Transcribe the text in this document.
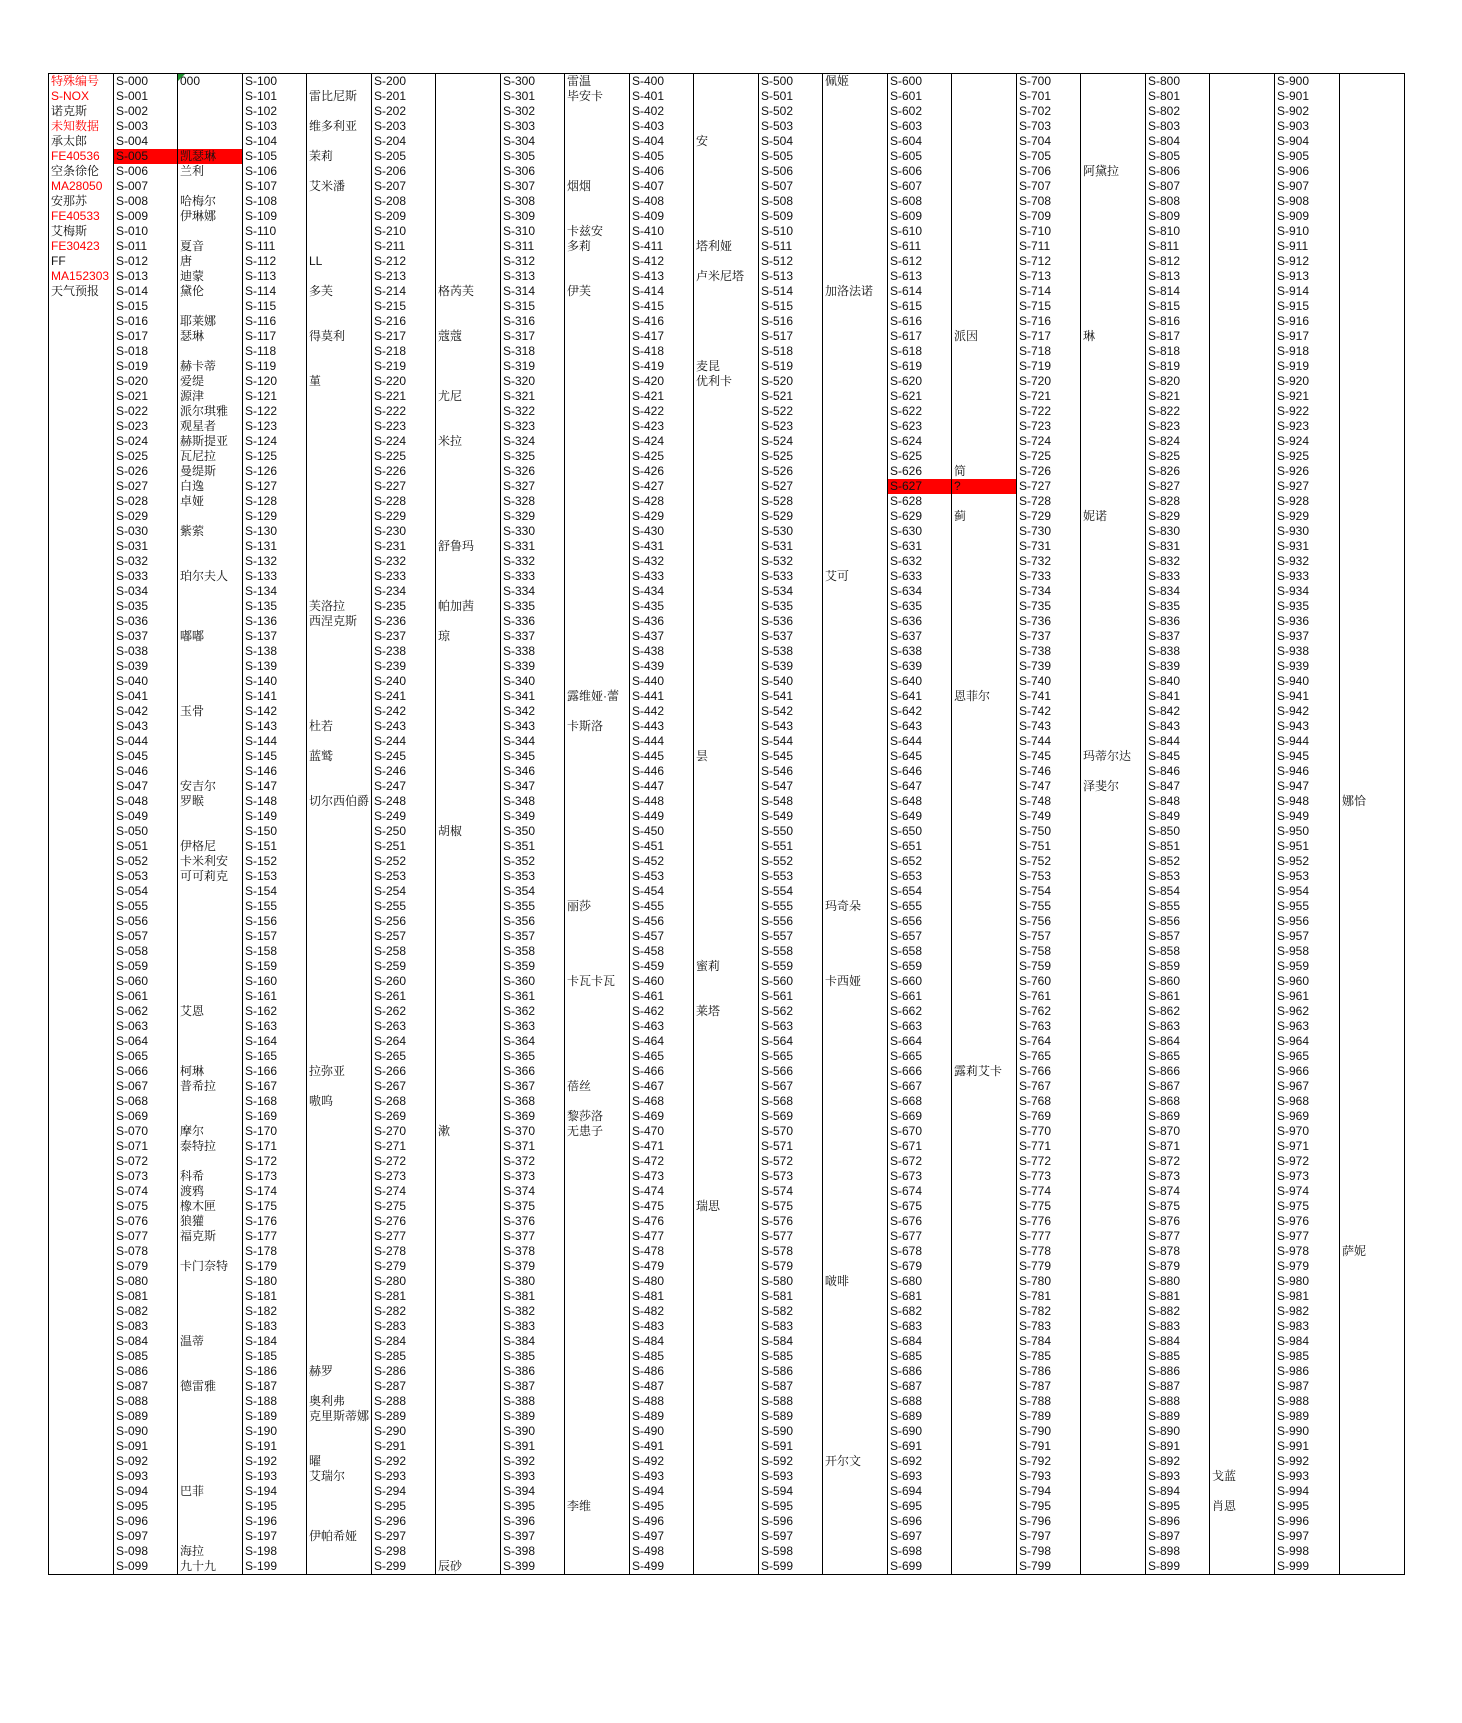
特殊编号	S-000	000	S-100		S-200		S-300	雷温	S-400		S-500	佩姬	S-600		S-700		S-800		S-900	
S-NOX	S-001		S-101	雷比尼斯	S-201		S-301	毕安卡	S-401		S-501		S-601		S-701		S-801		S-901	
诺克斯	S-002		S-102		S-202		S-302		S-402		S-502		S-602		S-702		S-802		S-902	
未知数据	S-003		S-103	维多利亚	S-203		S-303		S-403		S-503		S-603		S-703		S-803		S-903	
承太郎	S-004		S-104		S-204		S-304		S-404	安	S-504		S-604		S-704		S-804		S-904	
FE40536	S-005	凯瑟琳	S-105	茉莉	S-205		S-305		S-405		S-505		S-605		S-705		S-805		S-905	
空条徐伦	S-006	兰利	S-106		S-206		S-306		S-406		S-506		S-606		S-706	阿黛拉	S-806		S-906	
MA28050	S-007		S-107	艾米潘	S-207		S-307	烟烟	S-407		S-507		S-607		S-707		S-807		S-907	
安那苏	S-008	哈梅尔	S-108		S-208		S-308		S-408		S-508		S-608		S-708		S-808		S-908	
FE40533	S-009	伊琳娜	S-109		S-209		S-309		S-409		S-509		S-609		S-709		S-809		S-909	
艾梅斯	S-010		S-110		S-210		S-310	卡兹安	S-410		S-510		S-610		S-710		S-810		S-910	
FE30423	S-011	夏音	S-111		S-211		S-311	多莉	S-411	塔利娅	S-511		S-611		S-711		S-811		S-911	
FF	S-012	唐	S-112	LL	S-212		S-312		S-412		S-512		S-612		S-712		S-812		S-912	
MA152303	S-013	迪蒙	S-113		S-213		S-313		S-413	卢米尼塔	S-513		S-613		S-713		S-813		S-913	
天气预报	S-014	黛伦	S-114	多芙	S-214	格芮芙	S-314	伊芙	S-414		S-514	加洛法诺	S-614		S-714		S-814		S-914	
	S-015		S-115		S-215		S-315		S-415		S-515		S-615		S-715		S-815		S-915	
	S-016	耶莱娜	S-116		S-216		S-316		S-416		S-516		S-616		S-716		S-816		S-916	
	S-017	瑟琳	S-117	得莫利	S-217	蔻蔻	S-317		S-417		S-517		S-617	派因	S-717	琳	S-817		S-917	
	S-018		S-118		S-218		S-318		S-418		S-518		S-618		S-718		S-818		S-918	
	S-019	赫卡蒂	S-119		S-219		S-319		S-419	麦昆	S-519		S-619		S-719		S-819		S-919	
	S-020	爱缇	S-120	堇	S-220		S-320		S-420	优利卡	S-520		S-620		S-720		S-820		S-920	
	S-021	源津	S-121		S-221	尤尼	S-321		S-421		S-521		S-621		S-721		S-821		S-921	
	S-022	派尔琪雅	S-122		S-222		S-322		S-422		S-522		S-622		S-722		S-822		S-922	
	S-023	观星者	S-123		S-223		S-323		S-423		S-523		S-623		S-723		S-823		S-923	
	S-024	赫斯提亚	S-124		S-224	米拉	S-324		S-424		S-524		S-624		S-724		S-824		S-924	
	S-025	瓦尼拉	S-125		S-225		S-325		S-425		S-525		S-625		S-725		S-825		S-925	
	S-026	曼缇斯	S-126		S-226		S-326		S-426		S-526		S-626	简	S-726		S-826		S-926	
	S-027	白逸	S-127		S-227		S-327		S-427		S-527		S-627	?	S-727		S-827		S-927	
	S-028	卓娅	S-128		S-228		S-328		S-428		S-528		S-628		S-728		S-828		S-928	
	S-029		S-129		S-229		S-329		S-429		S-529		S-629	蓟	S-729	妮诺	S-829		S-929	
	S-030	紫萦	S-130		S-230		S-330		S-430		S-530		S-630		S-730		S-830		S-930	
	S-031		S-131		S-231	舒鲁玛	S-331		S-431		S-531		S-631		S-731		S-831		S-931	
	S-032		S-132		S-232		S-332		S-432		S-532		S-632		S-732		S-832		S-932	
	S-033	珀尔夫人	S-133		S-233		S-333		S-433		S-533	艾可	S-633		S-733		S-833		S-933	
	S-034		S-134		S-234		S-334		S-434		S-534		S-634		S-734		S-834		S-934	
	S-035		S-135	芙洛拉	S-235	帕加茜	S-335		S-435		S-535		S-635		S-735		S-835		S-935	
	S-036		S-136	西涅克斯	S-236		S-336		S-436		S-536		S-636		S-736		S-836		S-936	
	S-037	嘟嘟	S-137		S-237	琼	S-337		S-437		S-537		S-637		S-737		S-837		S-937	
	S-038		S-138		S-238		S-338		S-438		S-538		S-638		S-738		S-838		S-938	
	S-039		S-139		S-239		S-339		S-439		S-539		S-639		S-739		S-839		S-939	
	S-040		S-140		S-240		S-340		S-440		S-540		S-640		S-740		S-840		S-940	
	S-041		S-141		S-241		S-341	露维娅·蕾	S-441		S-541		S-641	恩菲尔	S-741		S-841		S-941	
	S-042	玉骨	S-142		S-242		S-342		S-442		S-542		S-642		S-742		S-842		S-942	
	S-043		S-143	杜若	S-243		S-343	卡斯洛	S-443		S-543		S-643		S-743		S-843		S-943	
	S-044		S-144		S-244		S-344		S-444		S-544		S-644		S-744		S-844		S-944	
	S-045		S-145	蓝鹫	S-245		S-345		S-445	昙	S-545		S-645		S-745	玛蒂尔达	S-845		S-945	
	S-046		S-146		S-246		S-346		S-446		S-546		S-646		S-746		S-846		S-946	
	S-047	安吉尔	S-147		S-247		S-347		S-447		S-547		S-647		S-747	泽斐尔	S-847		S-947	
	S-048	罗睺	S-148	切尔西伯爵	S-248		S-348		S-448		S-548		S-648		S-748		S-848		S-948	娜恰
	S-049		S-149		S-249		S-349		S-449		S-549		S-649		S-749		S-849		S-949	
	S-050		S-150		S-250	胡椒	S-350		S-450		S-550		S-650		S-750		S-850		S-950	
	S-051	伊格尼	S-151		S-251		S-351		S-451		S-551		S-651		S-751		S-851		S-951	
	S-052	卡米利安	S-152		S-252		S-352		S-452		S-552		S-652		S-752		S-852		S-952	
	S-053	可可莉克	S-153		S-253		S-353		S-453		S-553		S-653		S-753		S-853		S-953	
	S-054		S-154		S-254		S-354		S-454		S-554		S-654		S-754		S-854		S-954	
	S-055		S-155		S-255		S-355	丽莎	S-455		S-555	玛奇朵	S-655		S-755		S-855		S-955	
	S-056		S-156		S-256		S-356		S-456		S-556		S-656		S-756		S-856		S-956	
	S-057		S-157		S-257		S-357		S-457		S-557		S-657		S-757		S-857		S-957	
	S-058		S-158		S-258		S-358		S-458		S-558		S-658		S-758		S-858		S-958	
	S-059		S-159		S-259		S-359		S-459	蜜莉	S-559		S-659		S-759		S-859		S-959	
	S-060		S-160		S-260		S-360	卡瓦卡瓦	S-460		S-560	卡西娅	S-660		S-760		S-860		S-960	
	S-061		S-161		S-261		S-361		S-461		S-561		S-661		S-761		S-861		S-961	
	S-062	艾恩	S-162		S-262		S-362		S-462	莱塔	S-562		S-662		S-762		S-862		S-962	
	S-063		S-163		S-263		S-363		S-463		S-563		S-663		S-763		S-863		S-963	
	S-064		S-164		S-264		S-364		S-464		S-564		S-664		S-764		S-864		S-964	
	S-065		S-165		S-265		S-365		S-465		S-565		S-665		S-765		S-865		S-965	
	S-066	柯琳	S-166	拉弥亚	S-266		S-366		S-466		S-566		S-666	露莉艾卡	S-766		S-866		S-966	
	S-067	普希拉	S-167		S-267		S-367	蓓丝	S-467		S-567		S-667		S-767		S-867		S-967	
	S-068		S-168	嗷呜	S-268		S-368		S-468		S-568		S-668		S-768		S-868		S-968	
	S-069		S-169		S-269		S-369	黎莎洛	S-469		S-569		S-669		S-769		S-869		S-969	
	S-070	摩尔	S-170		S-270	漱	S-370	无患子	S-470		S-570		S-670		S-770		S-870		S-970	
	S-071	泰特拉	S-171		S-271		S-371		S-471		S-571		S-671		S-771		S-871		S-971	
	S-072		S-172		S-272		S-372		S-472		S-572		S-672		S-772		S-872		S-972	
	S-073	科希	S-173		S-273		S-373		S-473		S-573		S-673		S-773		S-873		S-973	
	S-074	渡鸦	S-174		S-274		S-374		S-474		S-574		S-674		S-774		S-874		S-974	
	S-075	橡木匣	S-175		S-275		S-375		S-475	瑞思	S-575		S-675		S-775		S-875		S-975	
	S-076	狼獾	S-176		S-276		S-376		S-476		S-576		S-676		S-776		S-876		S-976	
	S-077	福克斯	S-177		S-277		S-377		S-477		S-577		S-677		S-777		S-877		S-977	
	S-078		S-178		S-278		S-378		S-478		S-578		S-678		S-778		S-878		S-978	萨妮
	S-079	卡门奈特	S-179		S-279		S-379		S-479		S-579		S-679		S-779		S-879		S-979	
	S-080		S-180		S-280		S-380		S-480		S-580	啵啡	S-680		S-780		S-880		S-980	
	S-081		S-181		S-281		S-381		S-481		S-581		S-681		S-781		S-881		S-981	
	S-082		S-182		S-282		S-382		S-482		S-582		S-682		S-782		S-882		S-982	
	S-083		S-183		S-283		S-383		S-483		S-583		S-683		S-783		S-883		S-983	
	S-084	温蒂	S-184		S-284		S-384		S-484		S-584		S-684		S-784		S-884		S-984	
	S-085		S-185		S-285		S-385		S-485		S-585		S-685		S-785		S-885		S-985	
	S-086		S-186	赫罗	S-286		S-386		S-486		S-586		S-686		S-786		S-886		S-986	
	S-087	德雷雅	S-187		S-287		S-387		S-487		S-587		S-687		S-787		S-887		S-987	
	S-088		S-188	奥利弗	S-288		S-388		S-488		S-588		S-688		S-788		S-888		S-988	
	S-089		S-189	克里斯蒂娜	S-289		S-389		S-489		S-589		S-689		S-789		S-889		S-989	
	S-090		S-190		S-290		S-390		S-490		S-590		S-690		S-790		S-890		S-990	
	S-091		S-191		S-291		S-391		S-491		S-591		S-691		S-791		S-891		S-991	
	S-092		S-192	曜	S-292		S-392		S-492		S-592	开尔文	S-692		S-792		S-892		S-992	
	S-093		S-193	艾瑞尔	S-293		S-393		S-493		S-593		S-693		S-793		S-893	戈蓝	S-993	
	S-094	巴菲	S-194		S-294		S-394		S-494		S-594		S-694		S-794		S-894		S-994	
	S-095		S-195		S-295		S-395	李维	S-495		S-595		S-695		S-795		S-895	肖恩	S-995	
	S-096		S-196		S-296		S-396		S-496		S-596		S-696		S-796		S-896		S-996	
	S-097		S-197	伊帕希娅	S-297		S-397		S-497		S-597		S-697		S-797		S-897		S-997	
	S-098	海拉	S-198		S-298		S-398		S-498		S-598		S-698		S-798		S-898		S-998	
	S-099	九十九	S-199		S-299	辰砂	S-399		S-499		S-599		S-699		S-799		S-899		S-999	
